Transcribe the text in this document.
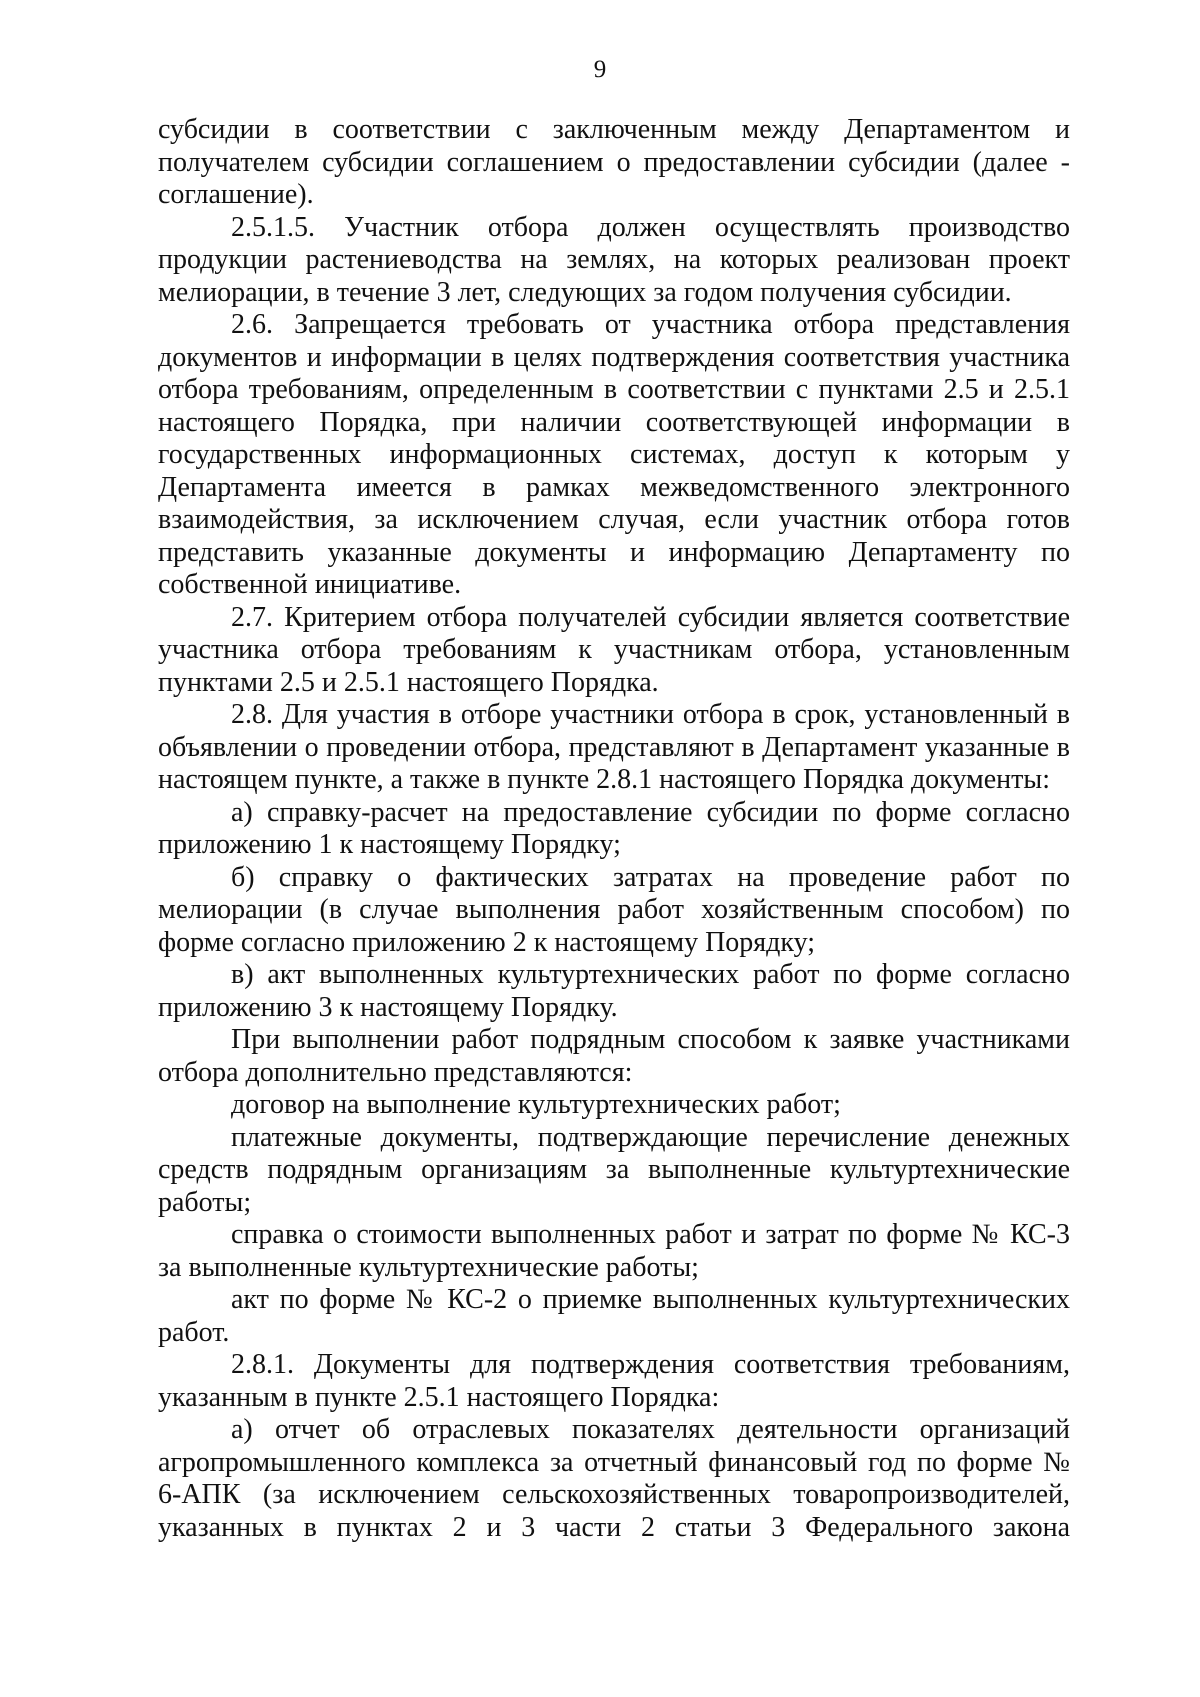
9

субсидии в соответствии с заключенным между Департаментом и получателем субсидии соглашением о предоставлении субсидии (далее - соглашение).

2.5.1.5. Участник отбора должен осуществлять производство продукции растениеводства на землях, на которых реализован проект мелиорации, в течение 3 лет, следующих за годом получения субсидии.

2.6. Запрещается требовать от участника отбора представления документов и информации в целях подтверждения соответствия участника отбора требованиям, определенным в соответствии с пунктами 2.5 и 2.5.1 настоящего Порядка, при наличии соответствующей информации в государственных информационных системах, доступ к которым у Департамента имеется в рамках межведомственного электронного взаимодействия, за исключением случая, если участник отбора готов представить указанные документы и информацию Департаменту по собственной инициативе.

2.7. Критерием отбора получателей субсидии является соответствие участника отбора требованиям к участникам отбора, установленным пунктами 2.5 и 2.5.1 настоящего Порядка.

2.8. Для участия в отборе участники отбора в срок, установленный в объявлении о проведении отбора, представляют в Департамент указанные в настоящем пункте, а также в пункте 2.8.1 настоящего Порядка документы:

а) справку-расчет на предоставление субсидии по форме согласно приложению 1 к настоящему Порядку;

б) справку о фактических затратах на проведение работ по мелиорации (в случае выполнения работ хозяйственным способом) по форме согласно приложению 2 к настоящему Порядку;

в) акт выполненных культуртехнических работ по форме согласно приложению 3 к настоящему Порядку.

При выполнении работ подрядным способом к заявке участниками отбора дополнительно представляются:

договор на выполнение культуртехнических работ;

платежные документы, подтверждающие перечисление денежных средств подрядным организациям за выполненные культуртехнические работы;

справка о стоимости выполненных работ и затрат по форме № КС-3 за выполненные культуртехнические работы;

акт по форме № КС-2 о приемке выполненных культуртехнических работ.

2.8.1. Документы для подтверждения соответствия требованиям, указанным в пункте 2.5.1 настоящего Порядка:

а) отчет об отраслевых показателях деятельности организаций агропромышленного комплекса за отчетный финансовый год по форме № 6-АПК (за исключением сельскохозяйственных товаропроизводителей, указанных в пунктах 2 и 3 части 2 статьи 3 Федерального закона
